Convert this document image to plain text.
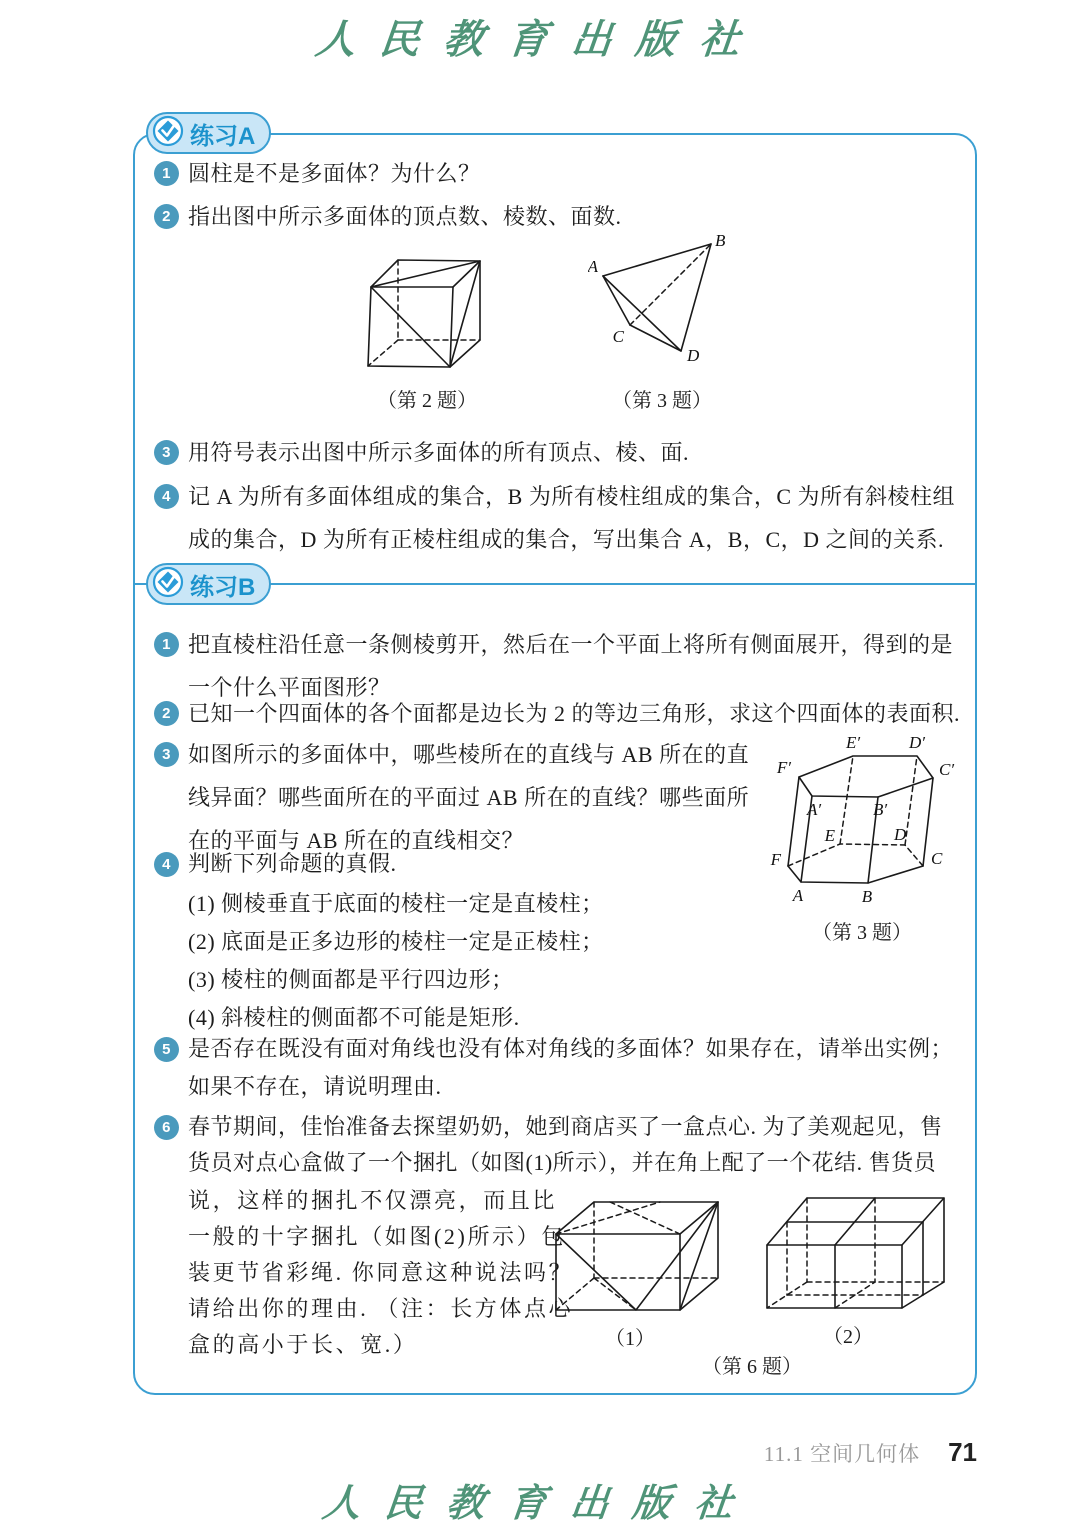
人民教育出版社
练习A
1 圆柱是不是多面体？为什么？
2 指出图中所示多面体的顶点数、棱数、面数.
（第 2 题）
A
B
C
D
（第 3 题）
3 用符号表示出图中所示多面体的所有顶点、棱、面.
4 记 A 为所有多面体组成的集合，B 为所有棱柱组成的集合，C 为所有斜棱柱组
成的集合，D 为所有正棱柱组成的集合，写出集合 A，B，C，D 之间的关系.
练习B
1 把直棱柱沿任意一条侧棱剪开，然后在一个平面上将所有侧面展开，得到的是
一个什么平面图形？
2 已知一个四面体的各个面都是边长为 2 的等边三角形，求这个四面体的表面积.
3 如图所示的多面体中，哪些棱所在的直线与 AB 所在的直
线异面？哪些面所在的平面过 AB 所在的直线？哪些面所
在的平面与 AB 所在的直线相交？
E′	D′
F′	C′
A′	B′
E	D
F	C
A	B
（第 3 题）
4 判断下列命题的真假.
(1) 侧棱垂直于底面的棱柱一定是直棱柱；
(2) 底面是正多边形的棱柱一定是正棱柱；
(3) 棱柱的侧面都是平行四边形；
(4) 斜棱柱的侧面都不可能是矩形.
5 是否存在既没有面对角线也没有体对角线的多面体？如果存在，请举出实例；
如果不存在，请说明理由.
6 春节期间，佳怡准备去探望奶奶，她到商店买了一盒点心. 为了美观起见，售
货员对点心盒做了一个捆扎（如图(1)所示），并在角上配了一个花结. 售货员
说，这样的捆扎不仅漂亮，而且比
一般的十字捆扎（如图(2)所示）包
装更节省彩绳. 你同意这种说法吗？
请给出你的理由. （注：长方体点心
盒的高小于长、宽.）	（1）	（2）
（第 6 题）
11.1 空间几何体 71
人民教育出版社
